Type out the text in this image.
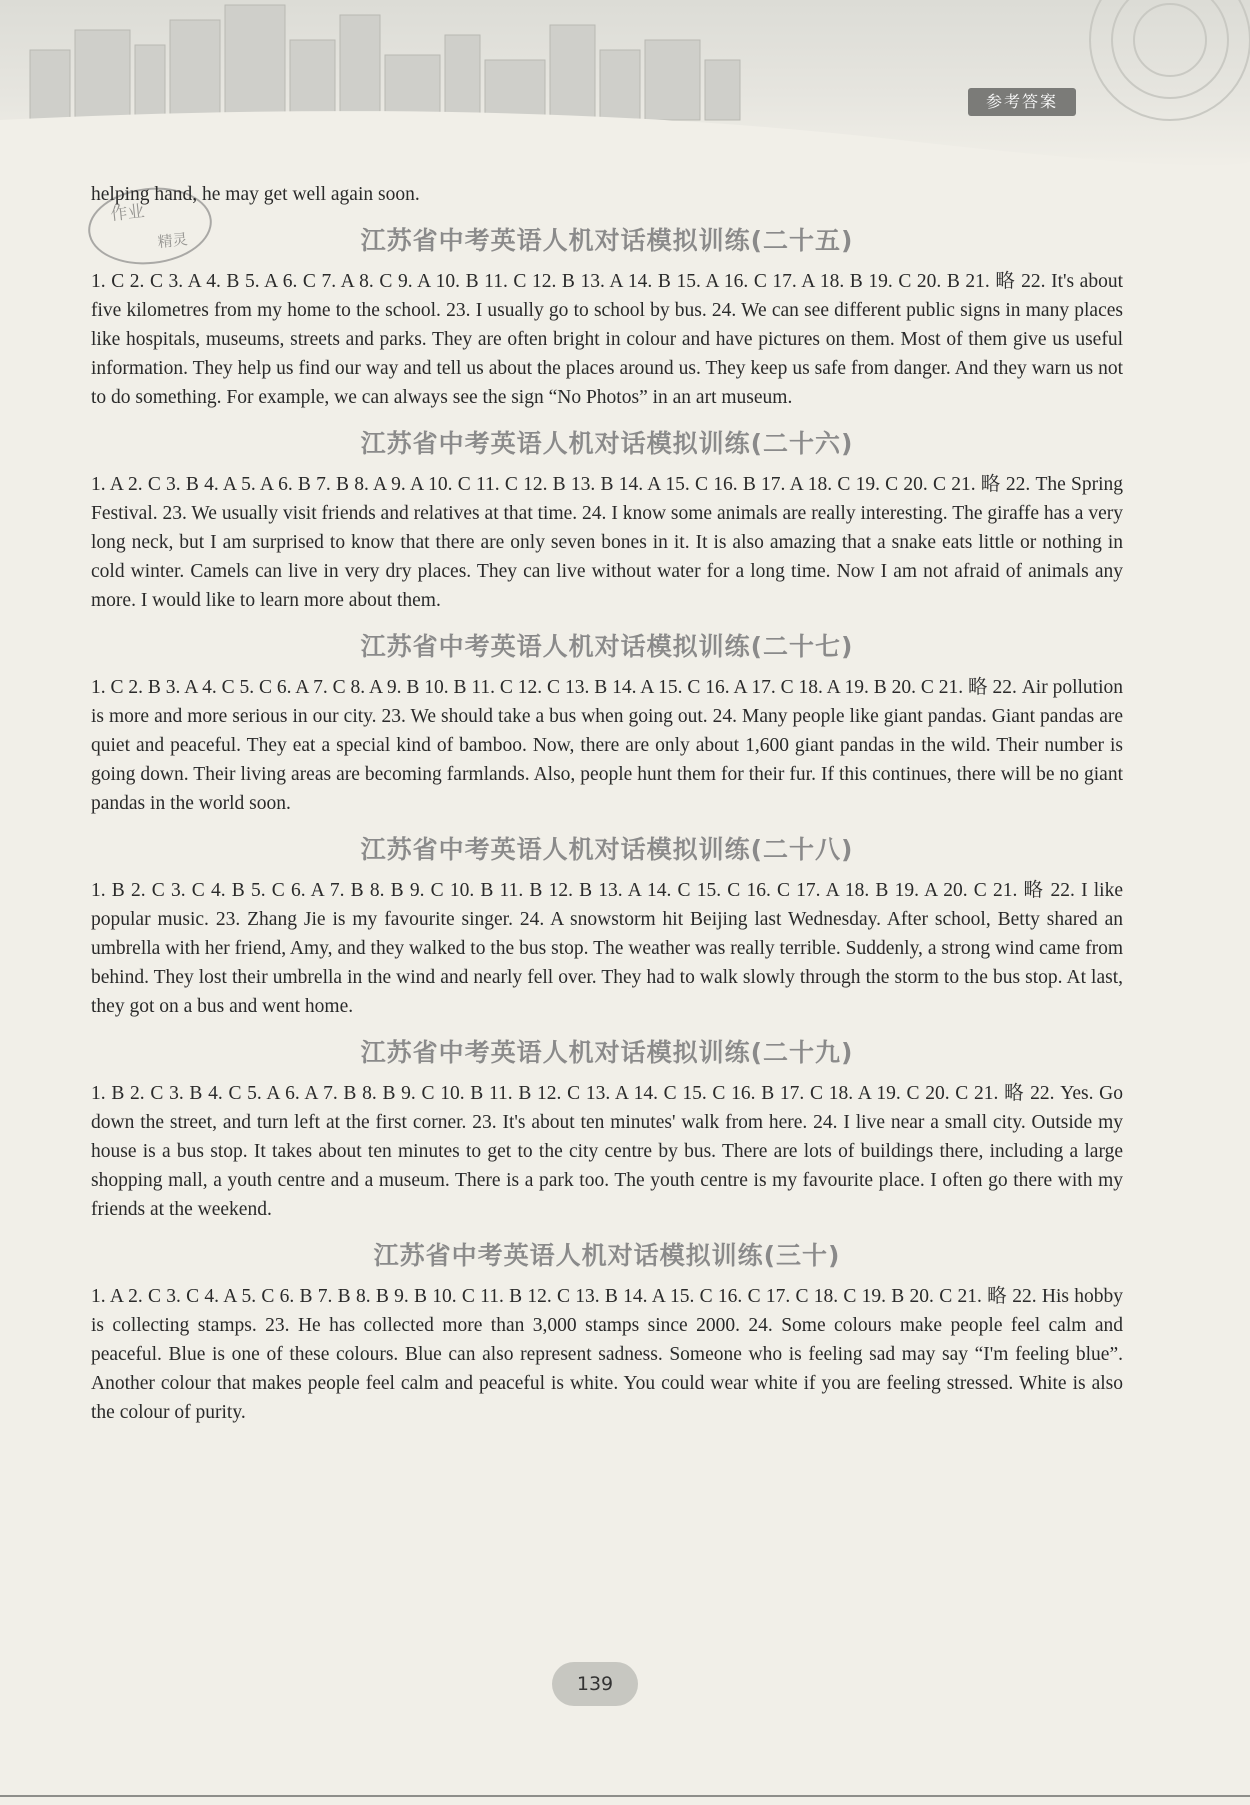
参考答案
作业
精灵
helping hand, he may get well again soon.
江苏省中考英语人机对话模拟训练(二十五)
1. C 2. C 3. A 4. B 5. A 6. C 7. A 8. C 9. A 10. B 11. C 12. B 13. A 14. B 15. A 16. C 17. A 18. B 19. C 20. B 21. 略 22. It's about five kilometres from my home to the school. 23. I usually go to school by bus. 24. We can see different public signs in many places like hospitals, museums, streets and parks. They are often bright in colour and have pictures on them. Most of them give us useful information. They help us find our way and tell us about the places around us. They keep us safe from danger. And they warn us not to do something. For example, we can always see the sign “No Photos” in an art museum.
江苏省中考英语人机对话模拟训练(二十六)
1. A 2. C 3. B 4. A 5. A 6. B 7. B 8. A 9. A 10. C 11. C 12. B 13. B 14. A 15. C 16. B 17. A 18. C 19. C 20. C 21. 略 22. The Spring Festival. 23. We usually visit friends and relatives at that time. 24. I know some animals are really interesting. The giraffe has a very long neck, but I am surprised to know that there are only seven bones in it. It is also amazing that a snake eats little or nothing in cold winter. Camels can live in very dry places. They can live without water for a long time. Now I am not afraid of animals any more. I would like to learn more about them.
江苏省中考英语人机对话模拟训练(二十七)
1. C 2. B 3. A 4. C 5. C 6. A 7. C 8. A 9. B 10. B 11. C 12. C 13. B 14. A 15. C 16. A 17. C 18. A 19. B 20. C 21. 略 22. Air pollution is more and more serious in our city. 23. We should take a bus when going out. 24. Many people like giant pandas. Giant pandas are quiet and peaceful. They eat a special kind of bamboo. Now, there are only about 1,600 giant pandas in the wild. Their number is going down. Their living areas are becoming farmlands. Also, people hunt them for their fur. If this continues, there will be no giant pandas in the world soon.
江苏省中考英语人机对话模拟训练(二十八)
1. B 2. C 3. C 4. B 5. C 6. A 7. B 8. B 9. C 10. B 11. B 12. B 13. A 14. C 15. C 16. C 17. A 18. B 19. A 20. C 21. 略 22. I like popular music. 23. Zhang Jie is my favourite singer. 24. A snowstorm hit Beijing last Wednesday. After school, Betty shared an umbrella with her friend, Amy, and they walked to the bus stop. The weather was really terrible. Suddenly, a strong wind came from behind. They lost their umbrella in the wind and nearly fell over. They had to walk slowly through the storm to the bus stop. At last, they got on a bus and went home.
江苏省中考英语人机对话模拟训练(二十九)
1. B 2. C 3. B 4. C 5. A 6. A 7. B 8. B 9. C 10. B 11. B 12. C 13. A 14. C 15. C 16. B 17. C 18. A 19. C 20. C 21. 略 22. Yes. Go down the street, and turn left at the first corner. 23. It's about ten minutes' walk from here. 24. I live near a small city. Outside my house is a bus stop. It takes about ten minutes to get to the city centre by bus. There are lots of buildings there, including a large shopping mall, a youth centre and a museum. There is a park too. The youth centre is my favourite place. I often go there with my friends at the weekend.
江苏省中考英语人机对话模拟训练(三十)
1. A 2. C 3. C 4. A 5. C 6. B 7. B 8. B 9. B 10. C 11. B 12. C 13. B 14. A 15. C 16. C 17. C 18. C 19. B 20. C 21. 略 22. His hobby is collecting stamps. 23. He has collected more than 3,000 stamps since 2000. 24. Some colours make people feel calm and peaceful. Blue is one of these colours. Blue can also represent sadness. Someone who is feeling sad may say “I'm feeling blue”. Another colour that makes people feel calm and peaceful is white. You could wear white if you are feeling stressed. White is also the colour of purity.
139
